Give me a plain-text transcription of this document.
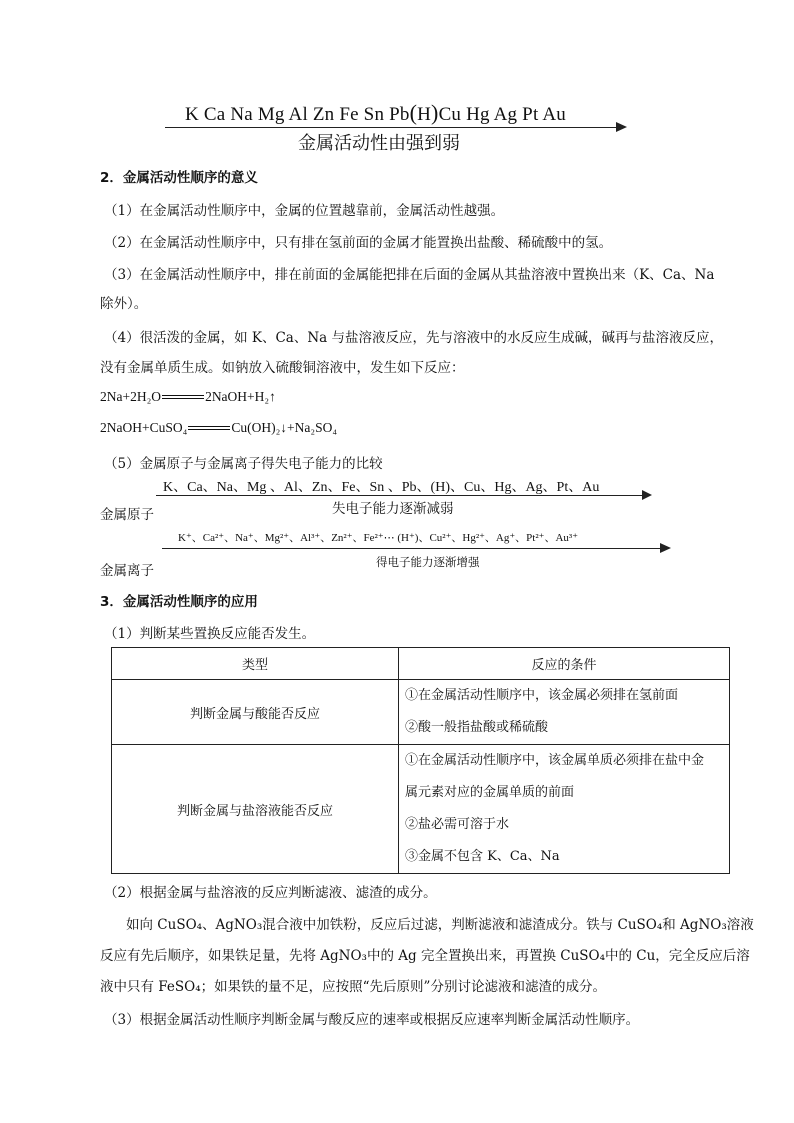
K Ca Na Mg Al Zn Fe Sn Pb(H)Cu Hg Ag Pt Au
金属活动性由强到弱
2．金属活动性顺序的意义
（1）在金属活动性顺序中，金属的位置越靠前，金属活动性越强。
（2）在金属活动性顺序中，只有排在氢前面的金属才能置换出盐酸、稀硫酸中的氢。
（3）在金属活动性顺序中，排在前面的金属能把排在后面的金属从其盐溶液中置换出来（K、Ca、Na
除外）。
（4）很活泼的金属，如 K、Ca、Na 与盐溶液反应，先与溶液中的水反应生成碱，碱再与盐溶液反应，
没有金属单质生成。如钠放入硫酸铜溶液中，发生如下反应：
2Na+2H₂O	2NaOH+H₂↑
2NaOH+CuSO₄	Cu(OH)₂↓+Na₂SO₄
（5）金属原子与金属离子得失电子能力的比较
K、Ca、Na、Mg 、Al、Zn、Fe、Sn 、Pb、(H)、Cu、Hg、Ag、Pt、Au
失电子能力逐渐减弱
金属原子
K⁺、Ca²⁺、Na⁺、Mg²⁺、Al³⁺、Zn²⁺、Fe²⁺⋯ (H⁺)、Cu²⁺、Hg²⁺、Ag⁺、Pt²⁺、Au³⁺
得电子能力逐渐增强
金属离子
3．金属活动性顺序的应用
（1）判断某些置换反应能否发生。
类型	反应的条件
判断金属与酸能否反应	①在金属活动性顺序中，该金属必须排在氢前面
②酸一般指盐酸或稀硫酸

判断金属与盐溶液能否反应	①在金属活动性顺序中，该金属单质必须排在盐中金
属元素对应的金属单质的前面
②盐必需可溶于水
③金属不包含 K、Ca、Na
（2）根据金属与盐溶液的反应判断滤液、滤渣的成分。
如向 CuSO₄、AgNO₃混合液中加铁粉，反应后过滤，判断滤液和滤渣成分。铁与 CuSO₄和 AgNO₃溶液
反应有先后顺序，如果铁足量，先将 AgNO₃中的 Ag 完全置换出来，再置换 CuSO₄中的 Cu，完全反应后溶
液中只有 FeSO₄；如果铁的量不足，应按照“先后原则”分别讨论滤液和滤渣的成分。
（3）根据金属活动性顺序判断金属与酸反应的速率或根据反应速率判断金属活动性顺序。
